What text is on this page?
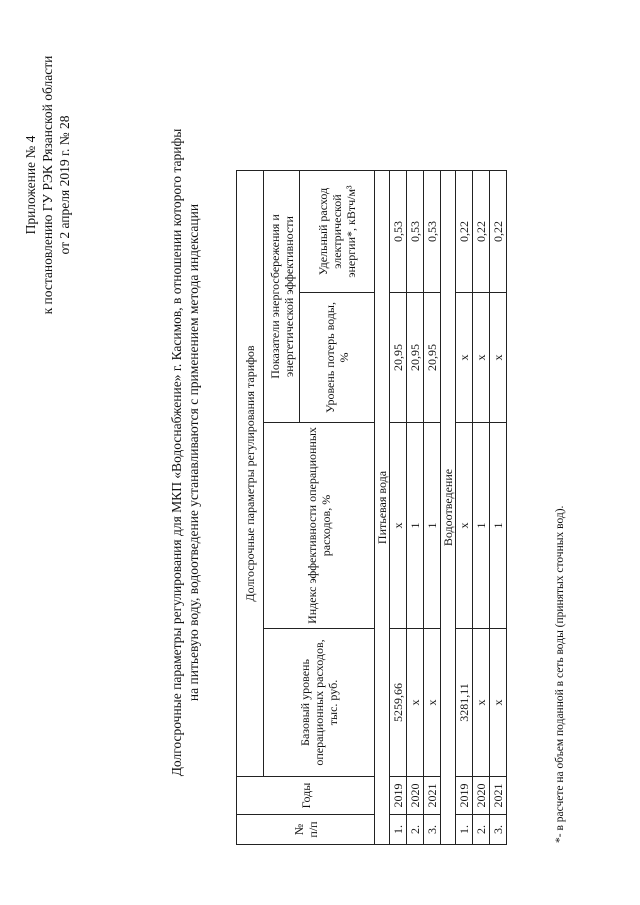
Приложение № 4 к постановлению ГУ РЭК Рязанской области от 2 апреля 2019 г. № 28	Долгосрочные параметры регулирования для МКП «Водоснабжение» г. Касимов, в отношении которого тарифы на питьевую воду, водоотведение устанавливаются с применением метода индексации
№ п/п	Годы	Долгосрочные параметры регулирования тарифов			
		Базовый уровень операционных расходов, тыс. руб.	Индекс эффективности операционных расходов, %	Показатели энергосбережения и энергетической эффективности	
				Уровень потерь воды, %	Удельный расход электрической энергии*, кВтч/м³
Питьевая вода					
1.	2019	5259,66	х	20,95	0,53
2.	2020	х	1	20,95	0,53
3.	2021	х	1	20,95	0,53
Водоотведение					
1.	2019	3281,11	х	х	0,22
2.	2020	х	1	х	0,22
3.	2021	х	1	х	0,22
*- в расчете на объем поданной в сеть воды (принятых сточных вод).
